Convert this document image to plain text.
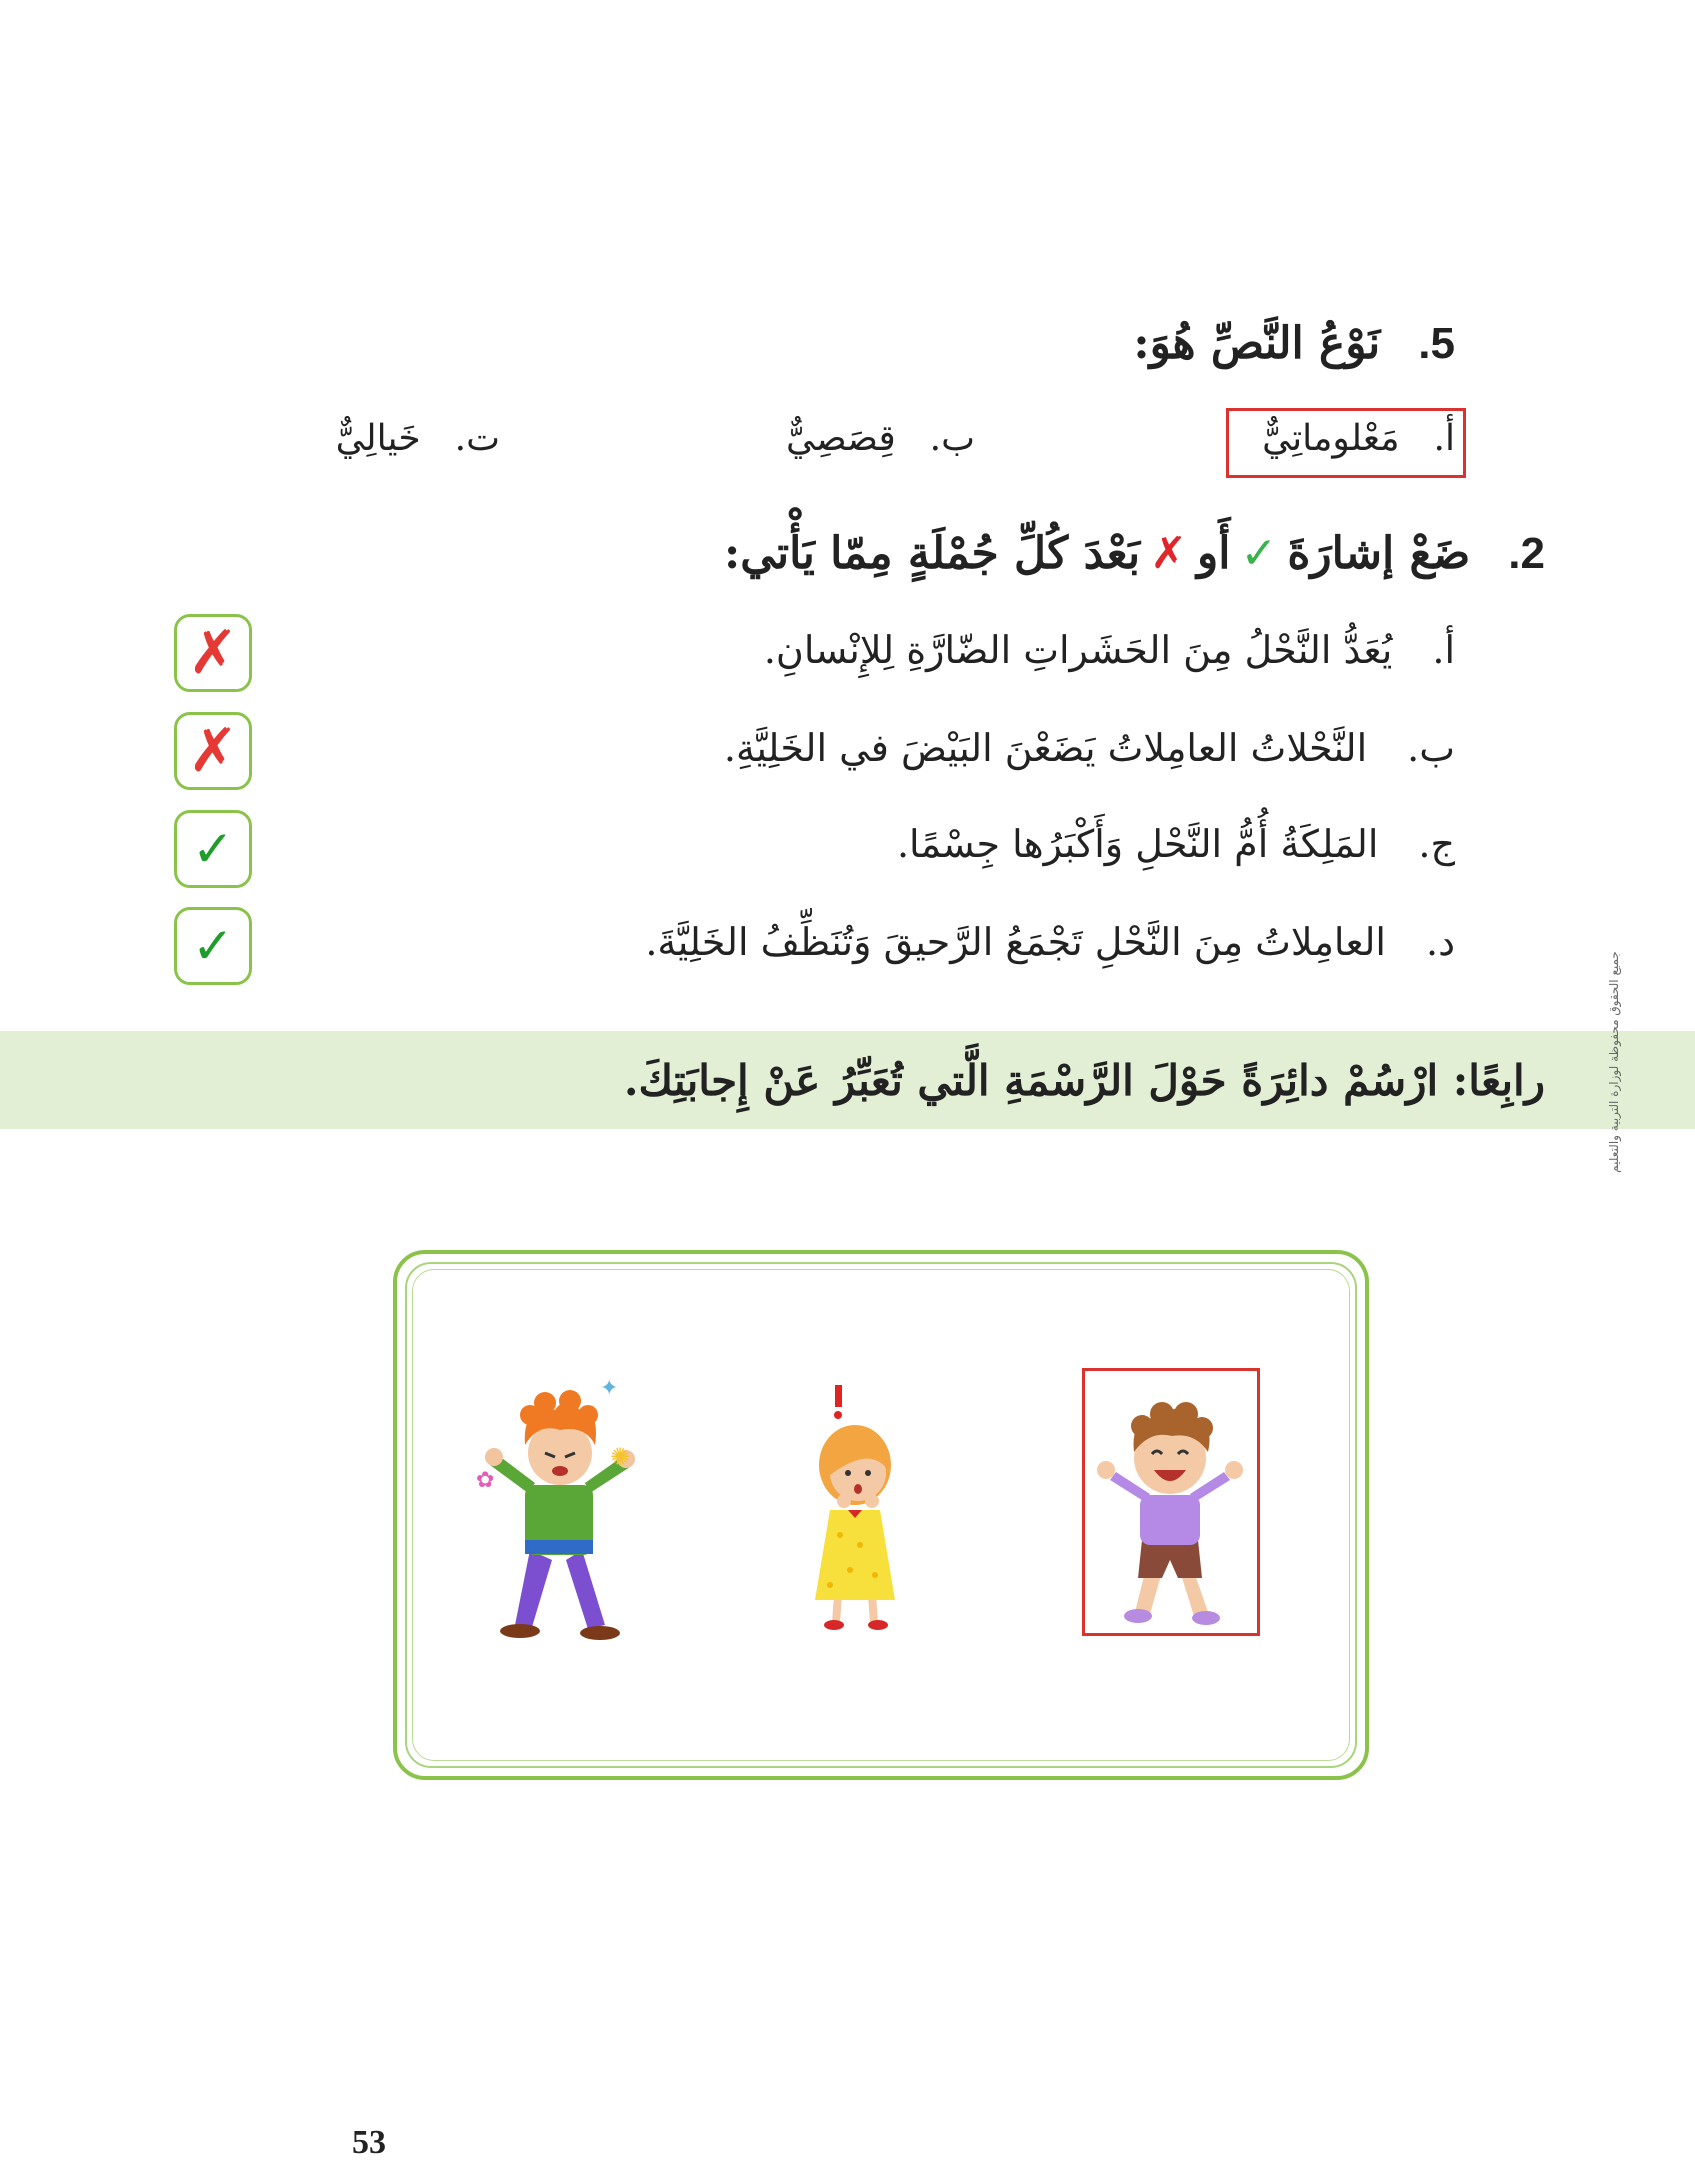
5.نَوْعُ النَّصِّ هُوَ:
أ.مَعْلوماتِيٌّ
ب.قِصَصِيٌّ
ت.خَيالِيٌّ
2.ضَعْ إشارَةَ✓أَو✗بَعْدَ كُلِّ جُمْلَةٍ مِمّا يَأْتي:
أ.يُعَدُّ النَّحْلُ مِنَ الحَشَراتِ الضّارَّةِ لِلإِنْسانِ.
ب.النَّحْلاتُ العامِلاتُ يَضَعْنَ البَيْضَ في الخَلِيَّةِ.
ج.المَلِكَةُ أُمُّ النَّحْلِ وَأَكْبَرُها جِسْمًا.
د.العامِلاتُ مِنَ النَّحْلِ تَجْمَعُ الرَّحيقَ وَتُنَظِّفُ الخَلِيَّةَ.
✗
✗
✓
✓
رابِعًا: ارْسُمْ دائِرَةً حَوْلَ الرَّسْمَةِ الَّتي تُعَبِّرُ عَنْ إِجابَتِكَ.
✦
✺
✿
جميع الحقوق محفوظة لوزارة التربية والتعليم
53
